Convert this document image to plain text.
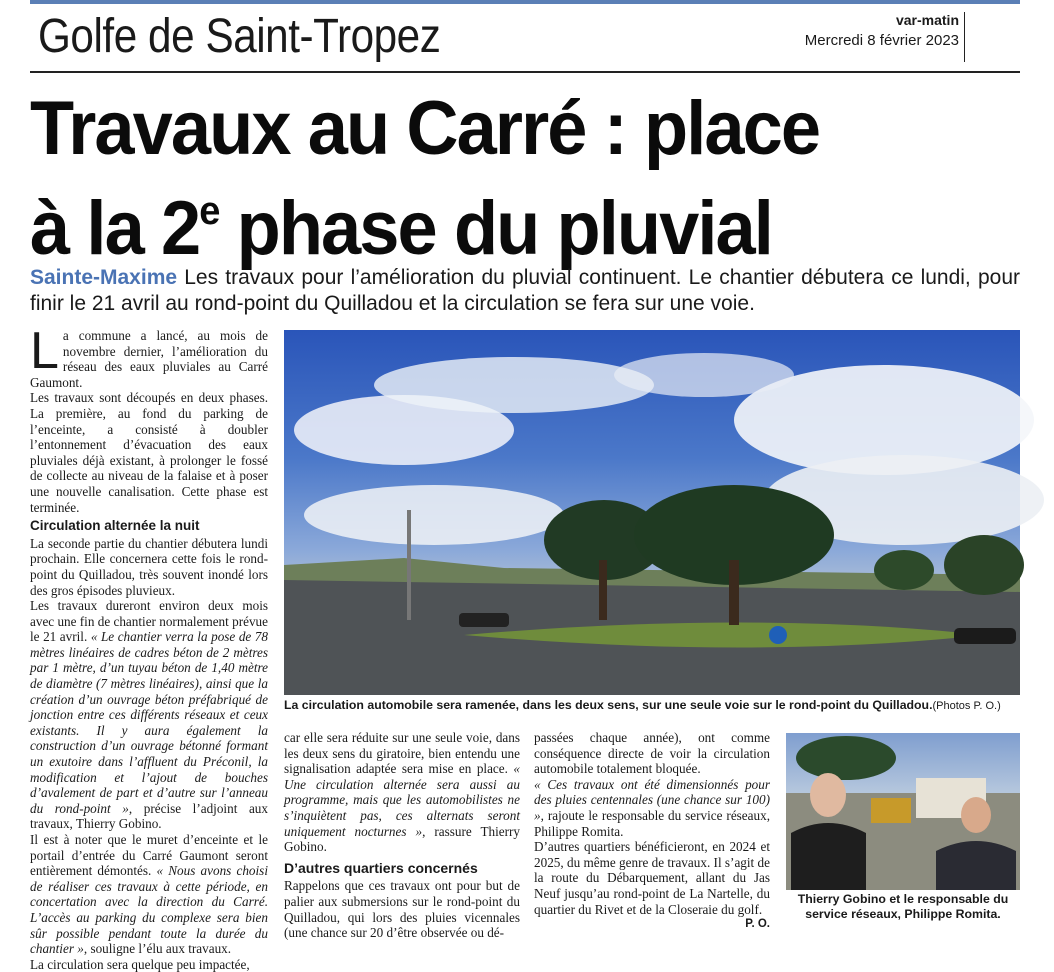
Golfe de Saint-Tropez	var-matin
Mercredi 8 février 2023
Travaux au Carré : place
à la 2e phase du pluvial
Sainte-Maxime Les travaux pour l’amélioration du pluvial continuent. Le chantier débutera ce lundi, pour finir le 21 avril au rond-point du Quilladou et la circulation se fera sur une voie.

La commune a lancé, au mois de novembre dernier, l’amélioration du réseau des eaux pluviales au Carré Gaumont.

Les travaux sont découpés en deux phases. La première, au fond du parking de l’enceinte, a consisté à doubler l’entonnement d’évacuation des eaux pluviales déjà existant, à prolonger le fossé de collecte au niveau de la falaise et à poser une nouvelle canalisation. Cette phase est terminée.

Circulation alternée la nuit

La seconde partie du chantier débutera lundi prochain. Elle concernera cette fois le rond-point du Quilladou, très souvent inondé lors des gros épisodes pluvieux.

Les travaux dureront environ deux mois avec une fin de chantier normalement prévue le 21 avril. « Le chantier verra la pose de 78 mètres linéaires de cadres béton de 2 mètres par 1 mètre, d’un tuyau béton de 1,40 mètre de diamètre (7 mètres linéaires), ainsi que la création d’un ouvrage béton préfabriqué de jonction entre ces différents réseaux et ceux existants. Il y aura également la construction d’un ouvrage bétonné formant un exutoire dans l’affluent du Préconil, la modification et l’ajout de bouches d’avalement de part et d’autre sur l’anneau du rond-point », précise l’adjoint aux travaux, Thierry Gobino.

Il est à noter que le muret d’enceinte et le portail d’entrée du Carré Gaumont seront entièrement démontés. « Nous avons choisi de réaliser ces travaux à cette période, en concertation avec la direction du Carré. L’accès au parking du complexe sera bien sûr possible pendant toute la durée du chantier », souligne l’élu aux travaux.

La circulation sera quelque peu impactée,

La circulation automobile sera ramenée, dans les deux sens, sur une seule voie sur le rond-point du Quilladou.(Photos P. O.)

car elle sera réduite sur une seule voie, dans les deux sens du giratoire, bien entendu une signalisation adaptée sera mise en place. « Une circulation alternée sera aussi au programme, mais que les automobilistes ne s’inquiètent pas, ces alternats seront uniquement nocturnes », rassure Thierry Gobino.

D’autres quartiers concernés

Rappelons que ces travaux ont pour but de palier aux submersions sur le rond-point du Quilladou, qui lors des pluies vicennales (une chance sur 20 d’être observée ou dé-

passées chaque année), ont comme conséquence directe de voir la circulation automobile totalement bloquée.

« Ces travaux ont été dimensionnés pour des pluies centennales (une chance sur 100) », rajoute le responsable du service réseaux, Philippe Romita.

D’autres quartiers bénéficieront, en 2024 et 2025, du même genre de travaux. Il s’agit de la route du Débarquement, allant du Jas Neuf jusqu’au rond-point de La Nartelle, du quartier du Rivet et de la Closeraie du golf.

P. O.
Thierry Gobino et le responsable du service réseaux, Philippe Romita.
